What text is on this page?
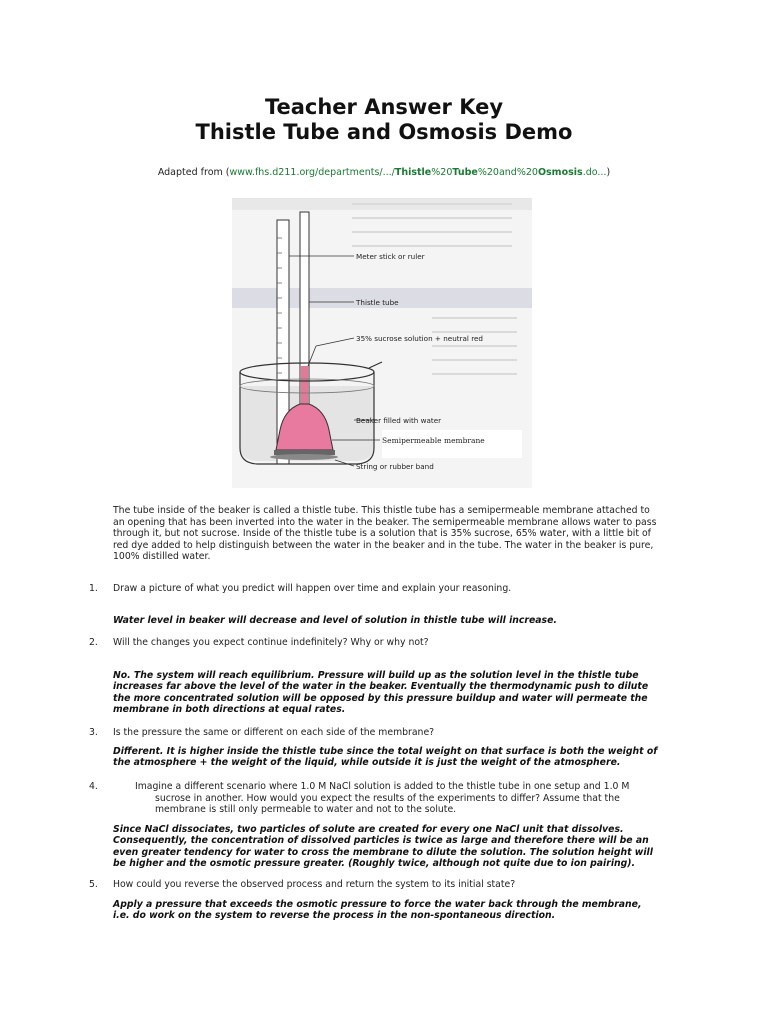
Teacher Answer Key
Thistle Tube and Osmosis Demo
Adapted from (www.fhs.d211.org/departments/.../Thistle%20Tube%20and%20Osmosis.do...)
Meter stick or ruler
Thistle tube
35% sucrose solution + neutral red
Beaker filled with water
Semipermeable membrane
String or rubber band
The tube inside of the beaker is called a thistle tube. This thistle tube has a semipermeable membrane attached to an opening that has been inverted into the water in the beaker. The semipermeable membrane allows water to pass through it, but not sucrose. Inside of the thistle tube is a solution that is 35% sucrose, 65% water, with a little bit of red dye added to help distinguish between the water in the beaker and in the tube. The water in the beaker is pure, 100% distilled water.
1. Draw a picture of what you predict will happen over time and explain your reasoning.
Water level in beaker will decrease and level of solution in thistle tube will increase.
2. Will the changes you expect continue indefinitely? Why or why not?
No. The system will reach equilibrium. Pressure will build up as the solution level in the thistle tube increases far above the level of the water in the beaker. Eventually the thermodynamic push to dilute the more concentrated solution will be opposed by this pressure buildup and water will permeate the membrane in both directions at equal rates.
3. Is the pressure the same or different on each side of the membrane?
Different. It is higher inside the thistle tube since the total weight on that surface is both the weight of the atmosphere + the weight of the liquid, while outside it is just the weight of the atmosphere.
4.	Imagine a different scenario where 1.0 M NaCl solution is added to the thistle tube in one setup and 1.0 M sucrose in another. How would you expect the results of the experiments to differ? Assume that the membrane is still only permeable to water and not to the solute.
Since NaCl dissociates, two particles of solute are created for every one NaCl unit that dissolves. Consequently, the concentration of dissolved particles is twice as large and therefore there will be an even greater tendency for water to cross the membrane to dilute the solution. The solution height will be higher and the osmotic pressure greater. (Roughly twice, although not quite due to ion pairing).
5. How could you reverse the observed process and return the system to its initial state?
Apply a pressure that exceeds the osmotic pressure to force the water back through the membrane, i.e. do work on the system to reverse the process in the non-spontaneous direction.
